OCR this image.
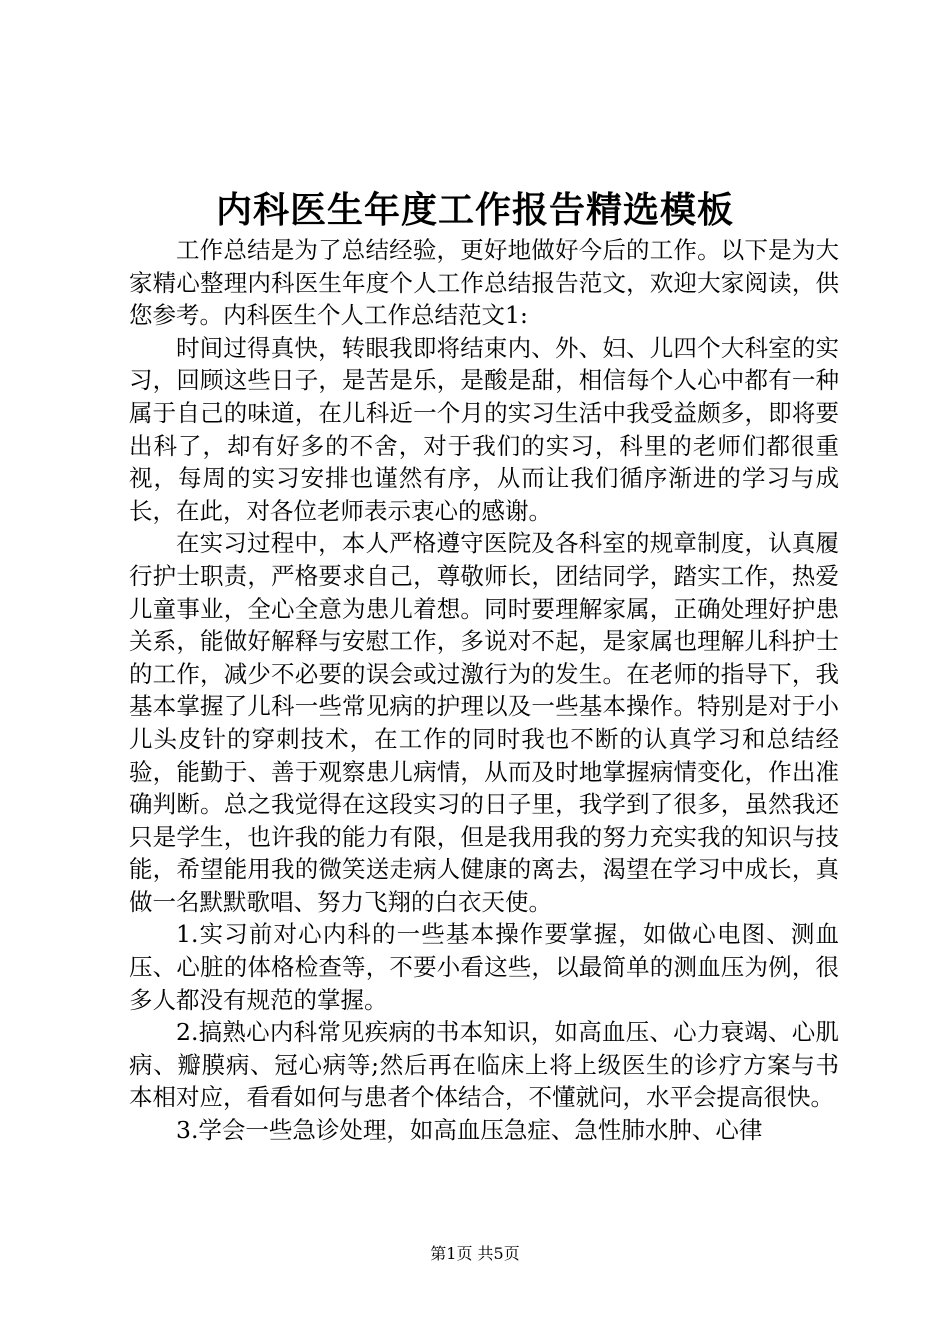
内科医生年度工作报告精选模板

工作总结是为了总结经验，更好地做好今后的工作。以下是为大家精心整理内科医生年度个人工作总结报告范文，欢迎大家阅读，供您参考。内科医生个人工作总结范文1:

时间过得真快，转眼我即将结束内、外、妇、儿四个大科室的实习，回顾这些日子，是苦是乐，是酸是甜，相信每个人心中都有一种属于自己的味道，在儿科近一个月的实习生活中我受益颇多，即将要出科了，却有好多的不舍，对于我们的实习，科里的老师们都很重视，每周的实习安排也谨然有序，从而让我们循序渐进的学习与成长，在此，对各位老师表示衷心的感谢。

在实习过程中，本人严格遵守医院及各科室的规章制度，认真履行护士职责，严格要求自己，尊敬师长，团结同学，踏实工作，热爱儿童事业，全心全意为患儿着想。同时要理解家属，正确处理好护患关系，能做好解释与安慰工作，多说对不起，是家属也理解儿科护士的工作，减少不必要的误会或过激行为的发生。在老师的指导下，我基本掌握了儿科一些常见病的护理以及一些基本操作。特别是对于小儿头皮针的穿刺技术，在工作的同时我也不断的认真学习和总结经验，能勤于、善于观察患儿病情，从而及时地掌握病情变化，作出准确判断。总之我觉得在这段实习的日子里，我学到了很多，虽然我还只是学生，也许我的能力有限，但是我用我的努力充实我的知识与技能，希望能用我的微笑送走病人健康的离去，渴望在学习中成长，真做一名默默歌唱、努力飞翔的白衣天使。

1.实习前对心内科的一些基本操作要掌握，如做心电图、测血压、心脏的体格检查等，不要小看这些，以最简单的测血压为例，很多人都没有规范的掌握。

2.搞熟心内科常见疾病的书本知识，如高血压、心力衰竭、心肌病、瓣膜病、冠心病等;然后再在临床上将上级医生的诊疗方案与书本相对应，看看如何与患者个体结合，不懂就问，水平会提高很快。

3.学会一些急诊处理，如高血压急症、急性肺水肿、心律

第1页 共5页
